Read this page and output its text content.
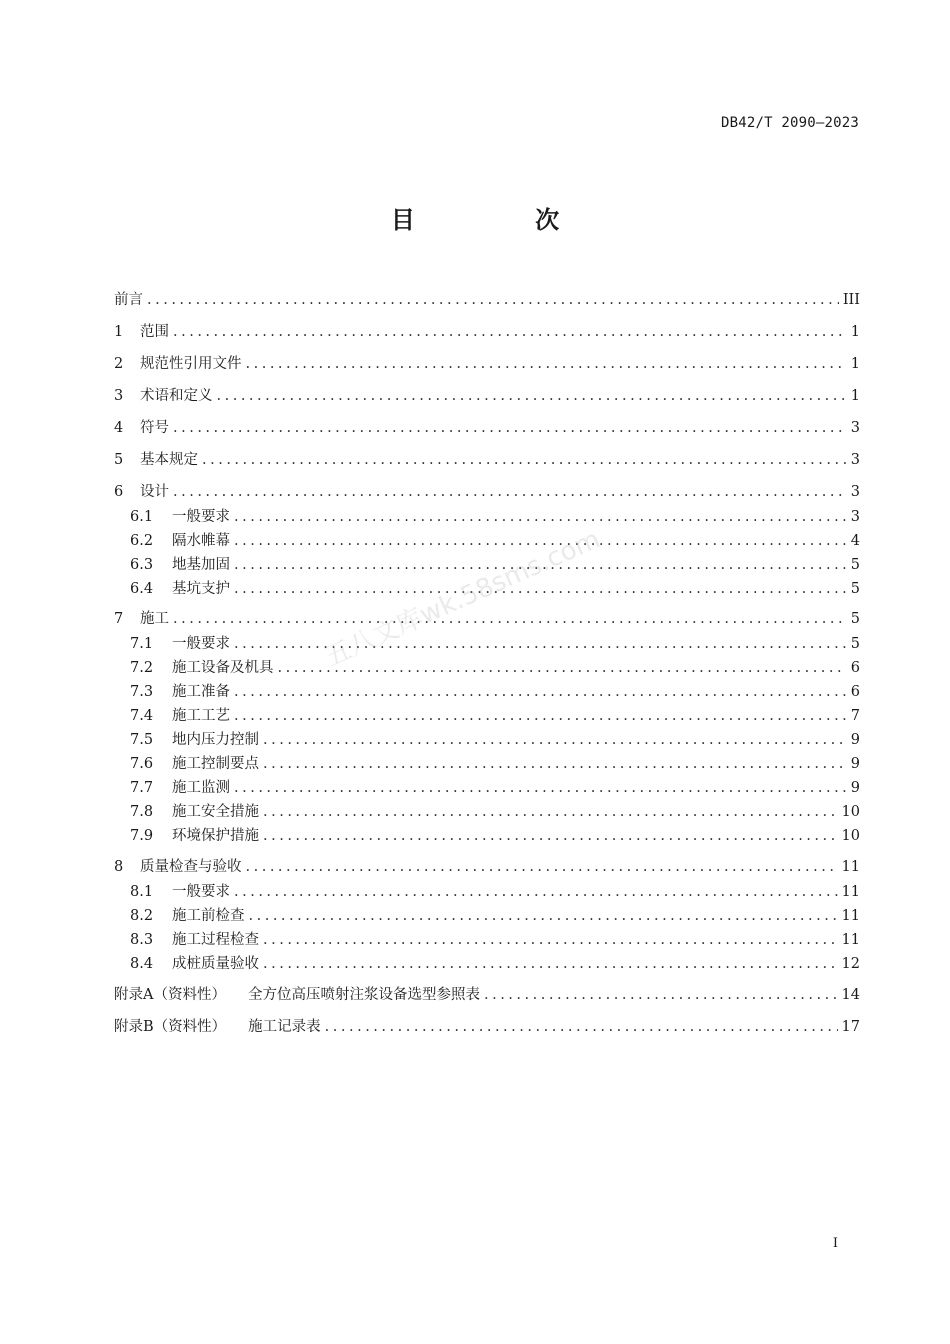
DB42/T 2090—2023
目 次
前言 .....	III
1	范围 .....	1
2	规范性引用文件 .....	1
3	术语和定义 .....	1
4	符号 .....	3
5	基本规定 .....	3
6	设计 .....	3
6.1	一般要求 .....	3
6.2	隔水帷幕 .....	4
6.3	地基加固 .....	5
6.4	基坑支护 .....	5
7	施工 .....	5
7.1	一般要求 .....	5
7.2	施工设备及机具 .....	6
7.3	施工准备 .....	6
7.4	施工工艺 .....	7
7.5	地内压力控制 .....	9
7.6	施工控制要点 .....	9
7.7	施工监测 .....	9
7.8	施工安全措施 .....	10
7.9	环境保护措施 .....	10
8	质量检查与验收 .....	11
8.1	一般要求 .....	11
8.2	施工前检查 .....	11
8.3	施工过程检查 .....	11
8.4	成桩质量验收 .....	12
附录A（资料性） 全方位高压喷射注浆设备选型参照表 .....	14
附录B（资料性） 施工记录表 .....	17
五八文库wk.58sms.com
I
